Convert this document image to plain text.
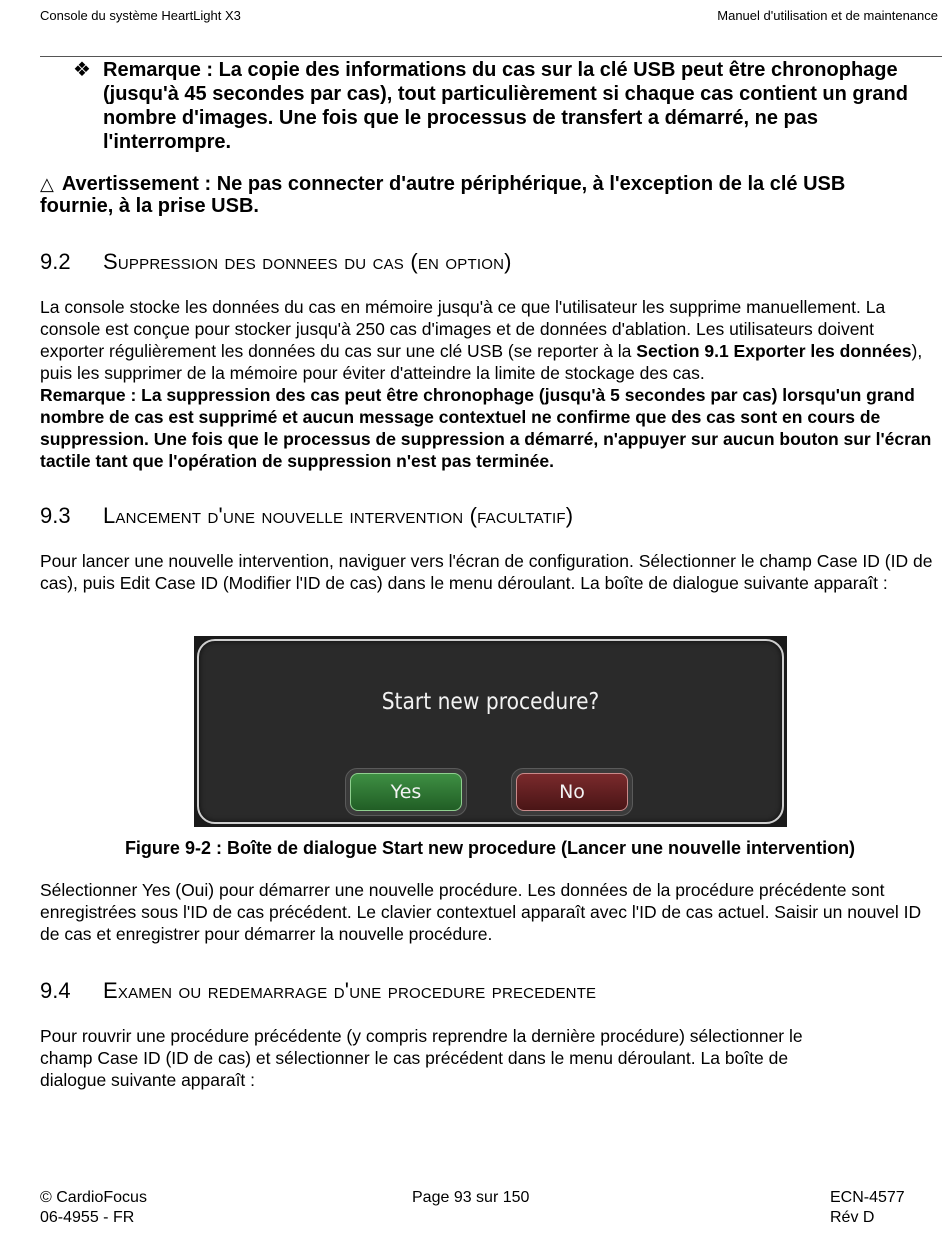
Console du système HeartLight X3	Manuel d'utilisation et de maintenance
❖ Remarque : La copie des informations du cas sur la clé USB peut être chronophage (jusqu'à 45 secondes par cas), tout particulièrement si chaque cas contient un grand nombre d'images. Une fois que le processus de transfert a démarré, ne pas l'interrompre.
△ Avertissement : Ne pas connecter d'autre périphérique, à l'exception de la clé USB fournie, à la prise USB.
9.2 Suppression des donnees du cas (en option)
La console stocke les données du cas en mémoire jusqu'à ce que l'utilisateur les supprime manuellement. La console est conçue pour stocker jusqu'à 250 cas d'images et de données d'ablation. Les utilisateurs doivent exporter régulièrement les données du cas sur une clé USB (se reporter à la Section 9.1 Exporter les données), puis les supprimer de la mémoire pour éviter d'atteindre la limite de stockage des cas.
Remarque : La suppression des cas peut être chronophage (jusqu'à 5 secondes par cas) lorsqu'un grand nombre de cas est supprimé et aucun message contextuel ne confirme que des cas sont en cours de suppression. Une fois que le processus de suppression a démarré, n'appuyer sur aucun bouton sur l'écran tactile tant que l'opération de suppression n'est pas terminée.
9.3 Lancement d'une nouvelle intervention (facultatif)
Pour lancer une nouvelle intervention, naviguer vers l'écran de configuration. Sélectionner le champ Case ID (ID de cas), puis Edit Case ID (Modifier l'ID de cas) dans le menu déroulant. La boîte de dialogue suivante apparaît :
Start new procedure?
Yes	No
Figure 9-2 : Boîte de dialogue Start new procedure (Lancer une nouvelle intervention)
Sélectionner Yes (Oui) pour démarrer une nouvelle procédure. Les données de la procédure précédente sont enregistrées sous l'ID de cas précédent. Le clavier contextuel apparaît avec l'ID de cas actuel. Saisir un nouvel ID de cas et enregistrer pour démarrer la nouvelle procédure.
9.4 Examen ou redemarrage d'une procedure precedente
Pour rouvrir une procédure précédente (y compris reprendre la dernière procédure) sélectionner le champ Case ID (ID de cas) et sélectionner le cas précédent dans le menu déroulant. La boîte de dialogue suivante apparaît :
© CardioFocus
06-4955 - FR
Page 93 sur 150	ECN-4577
Rév D
